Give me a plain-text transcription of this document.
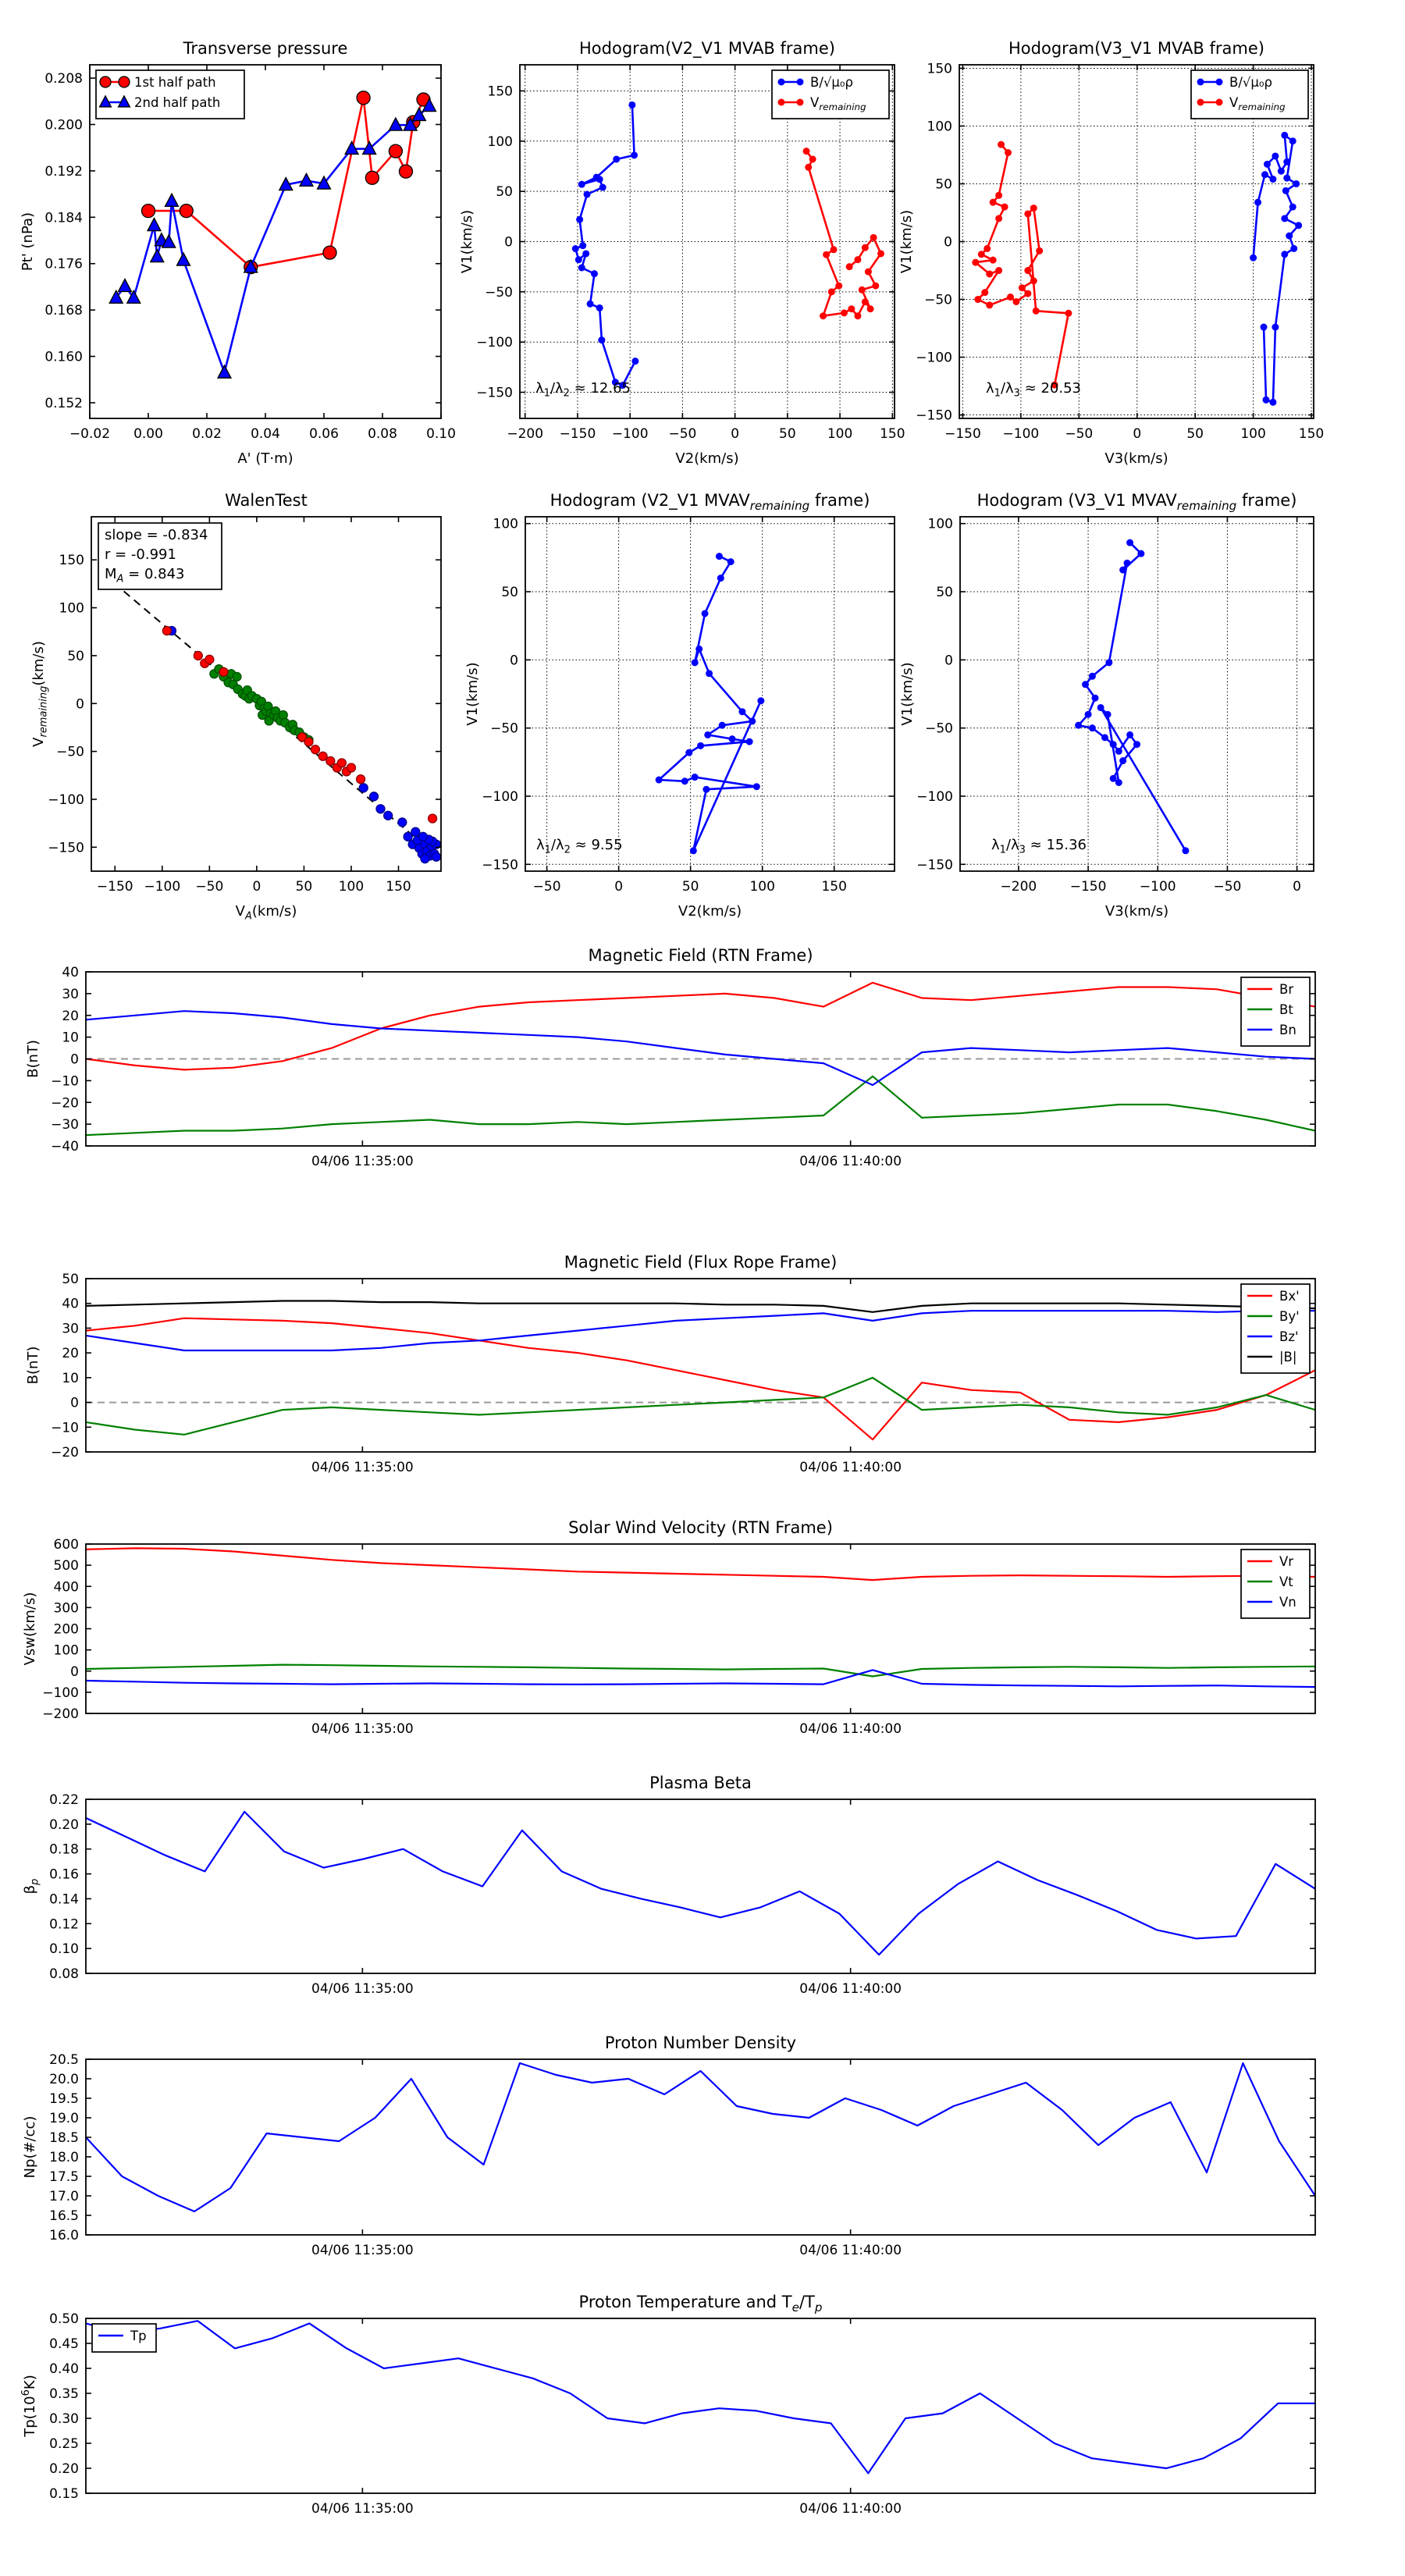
−0.02 0.00 0.02 0.04 0.06 0.08 0.10
0.152
0.160
0.168
0.176
0.184
0.192
0.200
0.208
Transverse pressure
A' (T·m)
Pt' (nPa)
1st half path
2nd half path
−200 −150 −100 −50	0	50 100 150
−150
−100
−50
0
50
100
150
Hodogram(V2_V1 MVAB frame)
V2(km/s)
V1(km/s)
B/√μ₀ρ
$V_{remaining}$
$\lambda_1/\lambda_2 \approx 12.65$
−150 −100 −50	0	50	100 150
−150
−100
−50
0
50
100
150
Hodogram(V3_V1 MVAB frame)
V3(km/s)
V1(km/s)
B/√μ₀ρ
$V_{remaining}$
$\lambda_1/\lambda_3 \approx 20.53$
−150 −100 −50 0	50 100 150
−150
−100
−50
0
50
100
150
WalenTest
$V_A(km/s)$
$V_{remaining}(km/s)$
slope = -0.834
r = -0.991
$M_A = 0.843$
−50	0	50	100	150
−150
−100
−50
0
50
100
Hodogram (V2_V1 $MVAV_{remaining}$ frame)
V2(km/s)
V1(km/s)
$\lambda_1/\lambda_2 \approx 9.55$
−200 −150 −100	−50	0
−150
−100
−50
0
50
100
Hodogram (V3_V1 $MVAV_{remaining}$ frame)
V3(km/s)
V1(km/s)
$\lambda_1/\lambda_3 \approx 15.36$
04/06 11:35:00	04/06 11:40:00
40
30
20
10
0
−10
−20
−30
−40
Magnetic Field (RTN Frame)
B(nT)
Br
Bt
Bn
04/06 11:35:00	04/06 11:40:00
50
40
30
20
10
0
−10
−20
Magnetic Field (Flux Rope Frame)
B(nT)
Bx'
By'
Bz'
|B|
04/06 11:35:00	04/06 11:40:00
600
500
400
300
200
100
0
−100
−200
Solar Wind Velocity (RTN Frame)
Vsw(km/s)
Vr
Vt
Vn
04/06 11:35:00	04/06 11:40:00
0.22
0.20
0.18
0.16
0.14
0.12
0.10
0.08
Plasma Beta
$\beta_p$
04/06 11:35:00	04/06 11:40:00
20.5
20.0
19.5
19.0
18.5
18.0
17.5
17.0
16.5
16.0
Proton Number Density
Np(#/cc)
04/06 11:35:00	04/06 11:40:00
0.50
0.45
0.40
0.35
0.30
0.25
0.20
0.15
Proton Temperature and $T_e/T_p$
$Tp(10^6K)$
Tp
